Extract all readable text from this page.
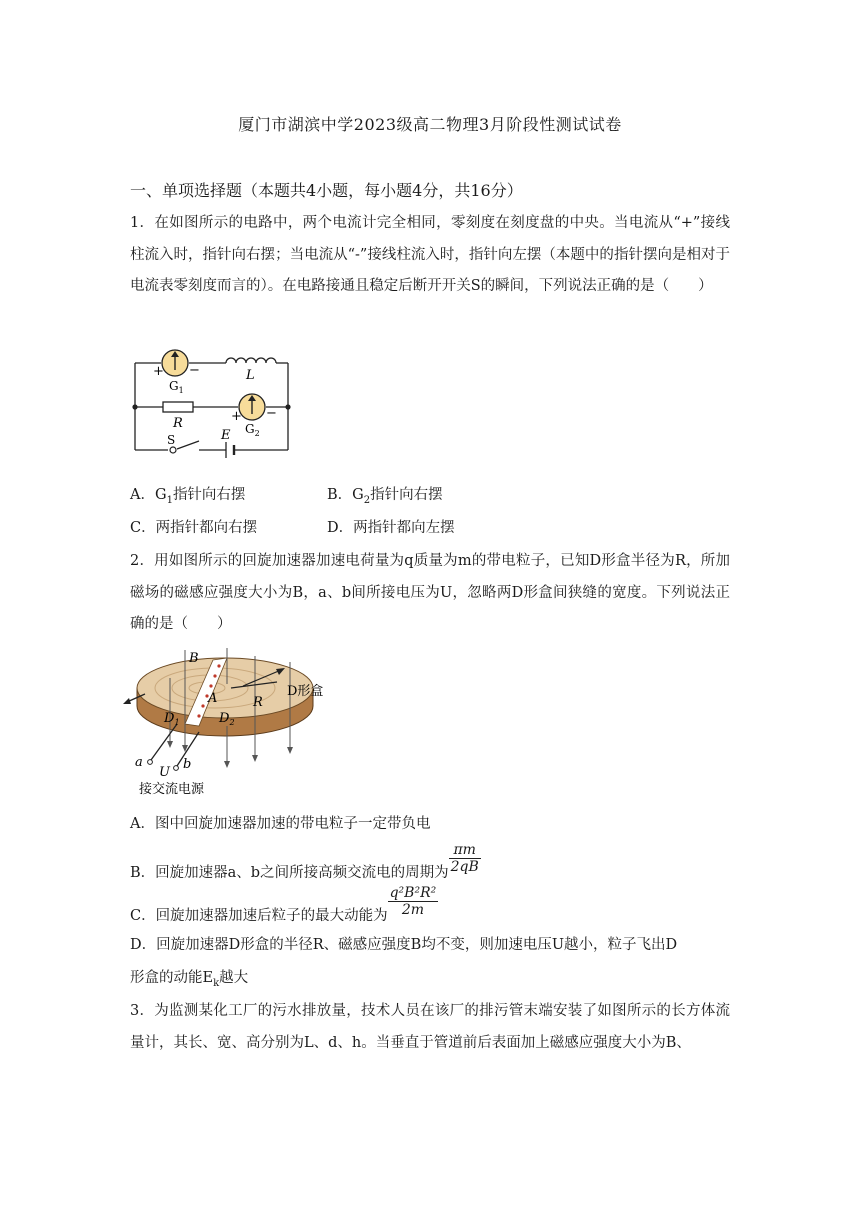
厦门市湖滨中学2023级高二物理3月阶段性测试试卷
一、单项选择题（本题共4小题，每小题4分，共16分）
1．在如图所示的电路中，两个电流计完全相同，零刻度在刻度盘的中央。当电流从“+”接线柱流入时，指针向右摆；当电流从“-”接线柱流入时，指针向左摆（本题中的指针摆向是相对于电流表零刻度而言的）。在电路接通且稳定后断开开关S的瞬间，下列说法正确的是（　　）
+ −
$G_1$
L
R	+ −
$G_2$
S	E
A．$G_1$指针向右摆	B．$G_2$指针向右摆
C．两指针都向右摆	D．两指针都向左摆
2．用如图所示的回旋加速器加速电荷量为q质量为m的带电粒子，已知D形盒半径为R，所加磁场的磁感应强度大小为B，a、b间所接电压为U，忽略两D形盒间狭缝的宽度。下列说法正确的是（　　）
B
A	R
D形盒
$D_1$	$D_2$
a	b
U
接交流电源
A．图中回旋加速器加速的带电粒子一定带负电
B．回旋加速器a、b之间所接高频交流电的周期为 $\frac{\pi m}{2qB}$
C．回旋加速器加速后粒子的最大动能为 $\frac{\text{q²B²R²}}{2m}$
D．回旋加速器D形盒的半径R、磁感应强度B均不变，则加速电压U越小，粒子飞出D
形盒的动能$E_k$越大
3．为监测某化工厂的污水排放量，技术人员在该厂的排污管末端安装了如图所示的长方体流量计，其长、宽、高分别为L、d、h。当垂直于管道前后表面加上磁感应强度大小为B、
